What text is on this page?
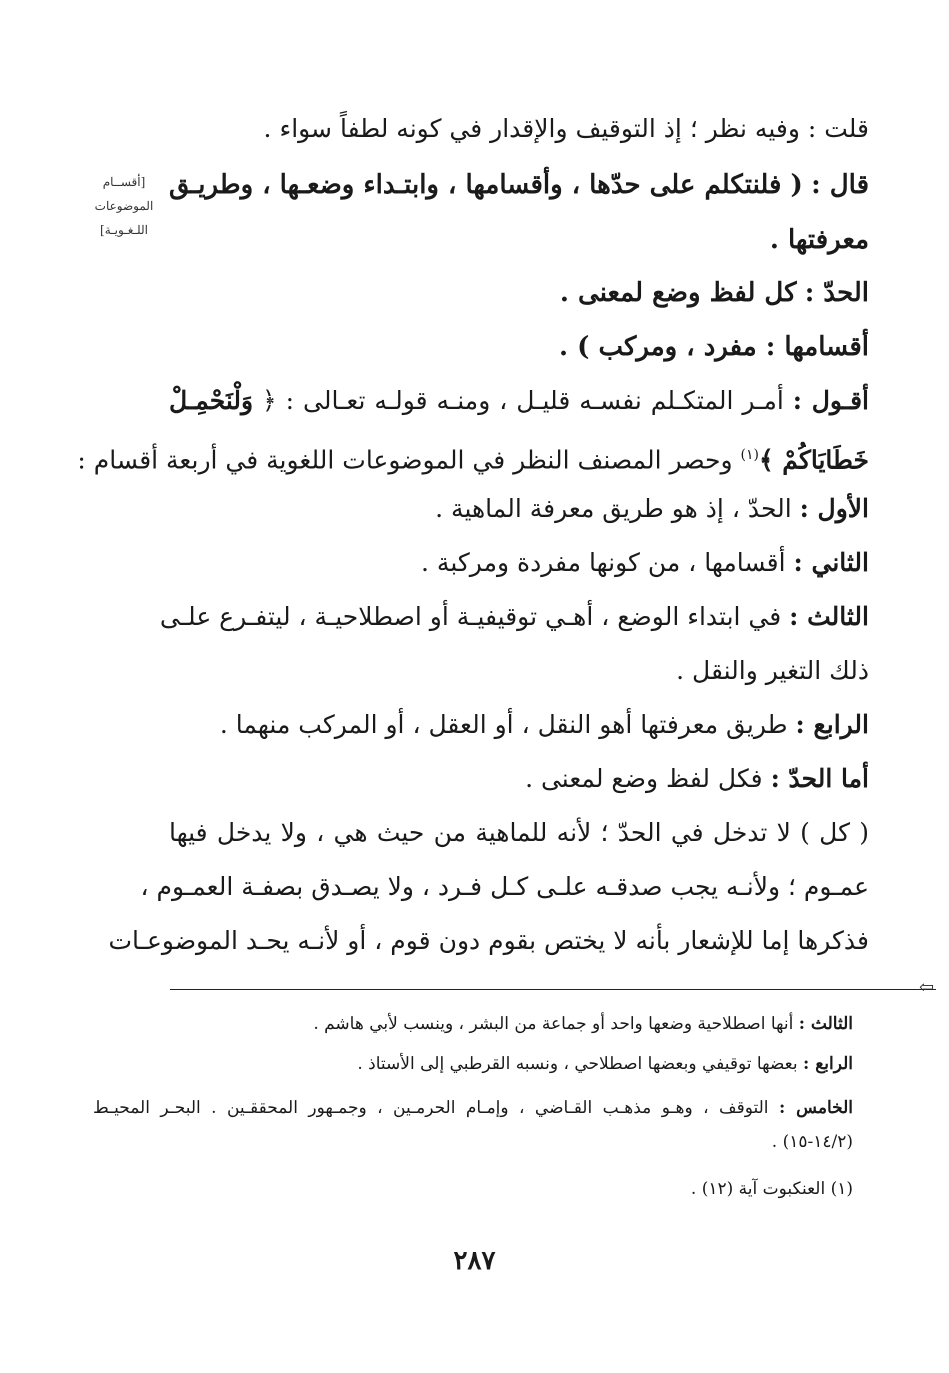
قلت : وفيه نظر ؛ إذ التوقيف والإقدار في كونه لطفاً سواء .
قال : ( فلنتكلم على حدّها ، وأقسامها ، وابتـداء وضعـها ، وطريـق
[أقســام
الموضوعات
اللـغـويـة]	معرفتها .
الحدّ : كل لفظ وضع لمعنى .
أقسامها : مفرد ، ومركب ) .
أقـول : أمـر المتكـلم نفسـه قليـل ، ومنـه قولـه تعـالى : ﴿ وَلْنَحْمِـلْ
خَطَايَاكُمْ ﴾$^{(١)}$ وحصر المصنف النظر في الموضوعات اللغوية في أربعة أقسام :
الأول : الحدّ ، إذ هو طريق معرفة الماهية .
الثاني : أقسامها ، من كونها مفردة ومركبة .
الثالث : في ابتداء الوضع ، أهـي توقيفيـة أو اصطلاحيـة ، ليتفـرع علـى
ذلك التغير والنقل .
الرابع : طريق معرفتها أهو النقل ، أو العقل ، أو المركب منهما .
أما الحدّ : فكل لفظ وضع لمعنى .
( كل ) لا تدخل في الحدّ ؛ لأنه للماهية من حيث هي ، ولا يدخل فيها
عمـوم ؛ ولأنـه يجب صدقـه علـى كـل فـرد ، ولا يصـدق بصفـة العمـوم ،
فذكرها إما للإشعار بأنه لا يختص بقوم دون قوم ، أو لأنـه يحـد الموضوعـات
⇦
الثالث : أنها اصطلاحية وضعها واحد أو جماعة من البشر ، وينسب لأبي هاشم .
الرابع : بعضها توقيفي وبعضها اصطلاحي ، ونسبه القرطبي إلى الأستاذ .
الخامس : التوقف ، وهـو مذهـب القـاضي ، وإمـام الحرمـين ، وجمـهور المحققـين . البحـر المحيـط
(١٤/٢-١٥) .
(١) العنكبوت آية (١٢) .
٢٨٧
